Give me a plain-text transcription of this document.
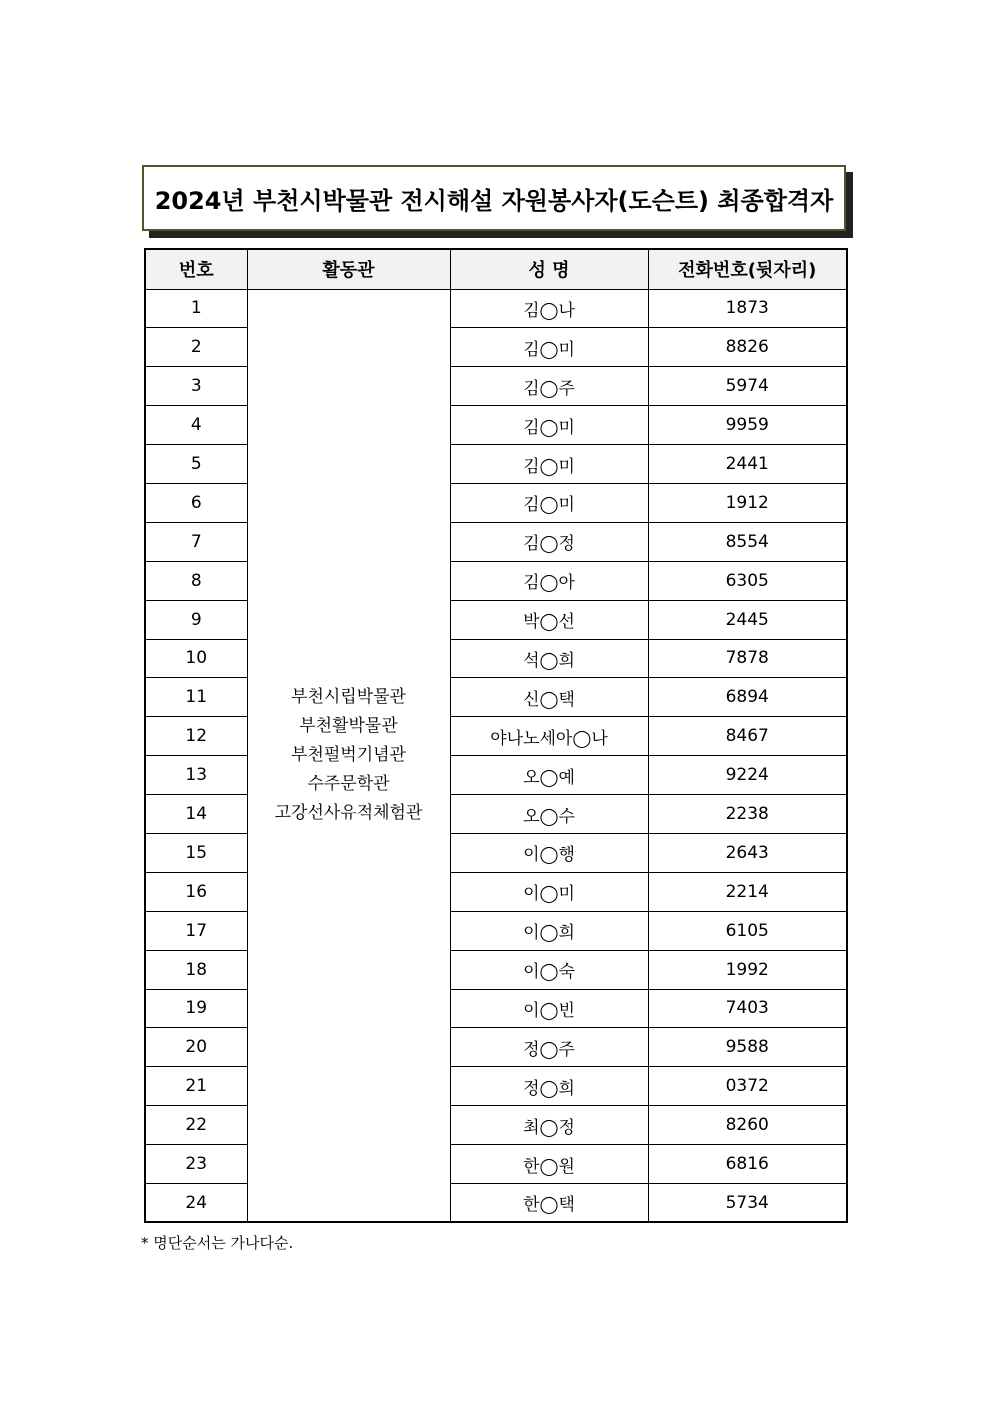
2024년 부천시박물관 전시해설 자원봉사자(도슨트) 최종합격자
번호	활동관	성 명	전화번호(뒷자리)
1	부천시립박물관
부천활박물관
부천펄벅기념관
수주문학관
고강선사유적체험관	김◯나	1873
2		김◯미	8826
3		김◯주	5974
4		김◯미	9959
5		김◯미	2441
6		김◯미	1912
7		김◯정	8554
8		김◯아	6305
9		박◯선	2445
10		석◯희	7878
11		신◯택	6894
12		야나노세아◯나	8467
13		오◯예	9224
14		오◯수	2238
15		이◯행	2643
16		이◯미	2214
17		이◯희	6105
18		이◯숙	1992
19		이◯빈	7403
20		정◯주	9588
21		정◯희	0372
22		최◯정	8260
23		한◯원	6816
24		한◯택	5734
* 명단순서는 가나다순.
